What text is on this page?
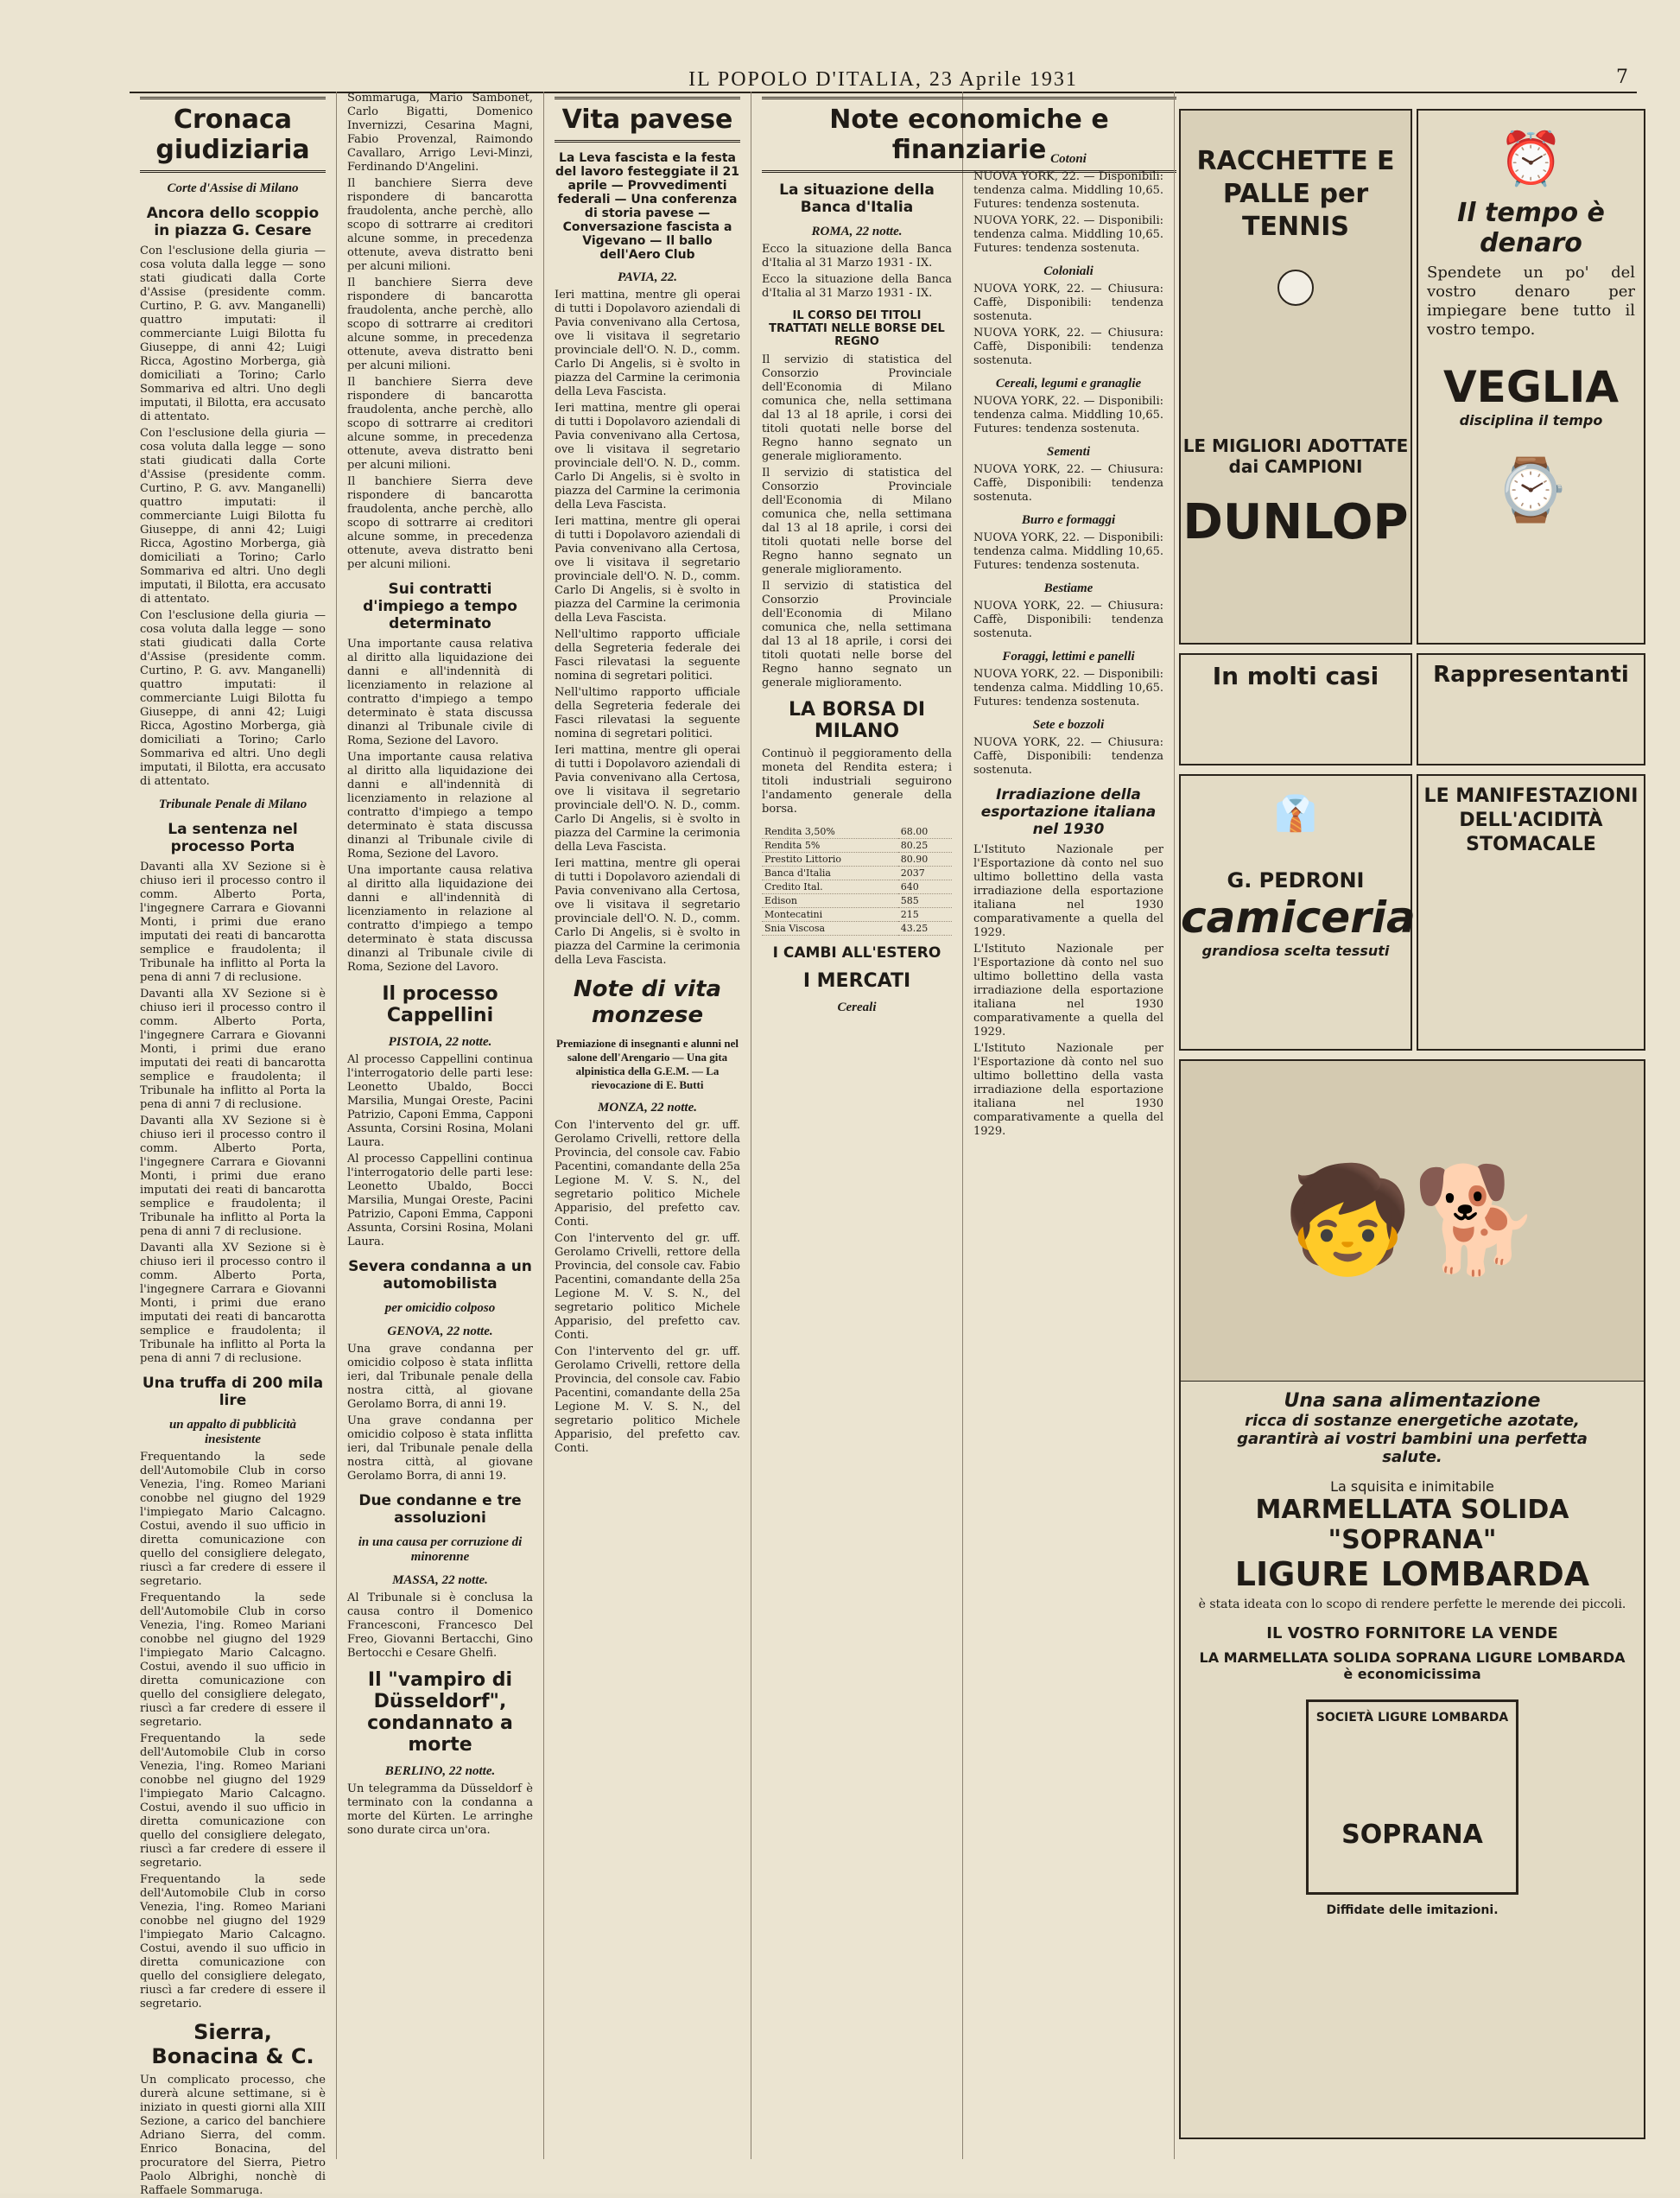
IL POPOLO D'ITALIA, 23 Aprile 1931	7
Cronaca giudiziaria
Corte d'Assise di Milano
Ancora dello scoppio in piazza G. Cesare

Con l'esclusione della giuria — cosa voluta dalla legge — sono stati giudicati dalla Corte d'Assise (presidente comm. Curtino, P. G. avv. Manganelli) quattro imputati: il commerciante Luigi Bilotta fu Giuseppe, di anni 42; Luigi Ricca, Agostino Morberga, già domiciliati a Torino; Carlo Sommariva ed altri. Uno degli imputati, il Bilotta, era accusato di attentato.

Con l'esclusione della giuria — cosa voluta dalla legge — sono stati giudicati dalla Corte d'Assise (presidente comm. Curtino, P. G. avv. Manganelli) quattro imputati: il commerciante Luigi Bilotta fu Giuseppe, di anni 42; Luigi Ricca, Agostino Morberga, già domiciliati a Torino; Carlo Sommariva ed altri. Uno degli imputati, il Bilotta, era accusato di attentato.

Con l'esclusione della giuria — cosa voluta dalla legge — sono stati giudicati dalla Corte d'Assise (presidente comm. Curtino, P. G. avv. Manganelli) quattro imputati: il commerciante Luigi Bilotta fu Giuseppe, di anni 42; Luigi Ricca, Agostino Morberga, già domiciliati a Torino; Carlo Sommariva ed altri. Uno degli imputati, il Bilotta, era accusato di attentato.

Tribunale Penale di Milano
La sentenza nel processo Porta

Davanti alla XV Sezione si è chiuso ieri il processo contro il comm. Alberto Porta, l'ingegnere Carrara e Giovanni Monti, i primi due erano imputati dei reati di bancarotta semplice e fraudolenta; il Tribunale ha inflitto al Porta la pena di anni 7 di reclusione.

Davanti alla XV Sezione si è chiuso ieri il processo contro il comm. Alberto Porta, l'ingegnere Carrara e Giovanni Monti, i primi due erano imputati dei reati di bancarotta semplice e fraudolenta; il Tribunale ha inflitto al Porta la pena di anni 7 di reclusione.

Davanti alla XV Sezione si è chiuso ieri il processo contro il comm. Alberto Porta, l'ingegnere Carrara e Giovanni Monti, i primi due erano imputati dei reati di bancarotta semplice e fraudolenta; il Tribunale ha inflitto al Porta la pena di anni 7 di reclusione.

Davanti alla XV Sezione si è chiuso ieri il processo contro il comm. Alberto Porta, l'ingegnere Carrara e Giovanni Monti, i primi due erano imputati dei reati di bancarotta semplice e fraudolenta; il Tribunale ha inflitto al Porta la pena di anni 7 di reclusione.

Una truffa di 200 mila lire
un appalto di pubblicità inesistente

Frequentando la sede dell'Automobile Club in corso Venezia, l'ing. Romeo Mariani conobbe nel giugno del 1929 l'impiegato Mario Calcagno. Costui, avendo il suo ufficio in diretta comunicazione con quello del consigliere delegato, riuscì a far credere di essere il segretario.

Frequentando la sede dell'Automobile Club in corso Venezia, l'ing. Romeo Mariani conobbe nel giugno del 1929 l'impiegato Mario Calcagno. Costui, avendo il suo ufficio in diretta comunicazione con quello del consigliere delegato, riuscì a far credere di essere il segretario.

Frequentando la sede dell'Automobile Club in corso Venezia, l'ing. Romeo Mariani conobbe nel giugno del 1929 l'impiegato Mario Calcagno. Costui, avendo il suo ufficio in diretta comunicazione con quello del consigliere delegato, riuscì a far credere di essere il segretario.

Frequentando la sede dell'Automobile Club in corso Venezia, l'ing. Romeo Mariani conobbe nel giugno del 1929 l'impiegato Mario Calcagno. Costui, avendo il suo ufficio in diretta comunicazione con quello del consigliere delegato, riuscì a far credere di essere il segretario.

Sierra, Bonacina & C.

Un complicato processo, che durerà alcune settimane, si è iniziato in questi giorni alla XIII Sezione, a carico del banchiere Adriano Sierra, del comm. Enrico Bonacina, del procuratore del Sierra, Pietro Paolo Albrighi, nonchè di Raffaele Sommaruga.

Sommaruga, Mario Sambonet, Carlo Bigatti, Domenico Invernizzi, Cesarina Magni, Fabio Provenzal, Raimondo Cavallaro, Arrigo Levi-Minzi, Ferdinando D'Angelini.

Il banchiere Sierra deve rispondere di bancarotta fraudolenta, anche perchè, allo scopo di sottrarre ai creditori alcune somme, in precedenza ottenute, aveva distratto beni per alcuni milioni.

Il banchiere Sierra deve rispondere di bancarotta fraudolenta, anche perchè, allo scopo di sottrarre ai creditori alcune somme, in precedenza ottenute, aveva distratto beni per alcuni milioni.

Il banchiere Sierra deve rispondere di bancarotta fraudolenta, anche perchè, allo scopo di sottrarre ai creditori alcune somme, in precedenza ottenute, aveva distratto beni per alcuni milioni.

Il banchiere Sierra deve rispondere di bancarotta fraudolenta, anche perchè, allo scopo di sottrarre ai creditori alcune somme, in precedenza ottenute, aveva distratto beni per alcuni milioni.

Sui contratti d'impiego a tempo determinato

Una importante causa relativa al diritto alla liquidazione dei danni e all'indennità di licenziamento in relazione al contratto d'impiego a tempo determinato è stata discussa dinanzi al Tribunale civile di Roma, Sezione del Lavoro.

Una importante causa relativa al diritto alla liquidazione dei danni e all'indennità di licenziamento in relazione al contratto d'impiego a tempo determinato è stata discussa dinanzi al Tribunale civile di Roma, Sezione del Lavoro.

Una importante causa relativa al diritto alla liquidazione dei danni e all'indennità di licenziamento in relazione al contratto d'impiego a tempo determinato è stata discussa dinanzi al Tribunale civile di Roma, Sezione del Lavoro.

Il processo Cappellini
PISTOIA, 22 notte.

Al processo Cappellini continua l'interrogatorio delle parti lese: Leonetto Ubaldo, Bocci Marsilia, Mungai Oreste, Pacini Patrizio, Caponi Emma, Capponi Assunta, Corsini Rosina, Molani Laura.

Al processo Cappellini continua l'interrogatorio delle parti lese: Leonetto Ubaldo, Bocci Marsilia, Mungai Oreste, Pacini Patrizio, Caponi Emma, Capponi Assunta, Corsini Rosina, Molani Laura.

Severa condanna a un automobilista
per omicidio colposo
GENOVA, 22 notte.

Una grave condanna per omicidio colposo è stata inflitta ieri, dal Tribunale penale della nostra città, al giovane Gerolamo Borra, di anni 19.

Una grave condanna per omicidio colposo è stata inflitta ieri, dal Tribunale penale della nostra città, al giovane Gerolamo Borra, di anni 19.

Due condanne e tre assoluzioni
in una causa per corruzione di minorenne
MASSA, 22 notte.

Al Tribunale si è conclusa la causa contro il Domenico Francesconi, Francesco Del Freo, Giovanni Bertacchi, Gino Bertocchi e Cesare Ghelfi.

Il "vampiro di Düsseldorf", condannato a morte
BERLINO, 22 notte.

Un telegramma da Düsseldorf è terminato con la condanna a morte del Kürten. Le arringhe sono durate circa un'ora.

Vita pavese
La Leva fascista e la festa del lavoro festeggiate il 21 aprile — Provvedimenti federali — Una conferenza di storia pavese — Conversazione fascista a Vigevano — Il ballo dell'Aero Club
PAVIA, 22.

Ieri mattina, mentre gli operai di tutti i Dopolavoro aziendali di Pavia convenivano alla Certosa, ove li visitava il segretario provinciale dell'O. N. D., comm. Carlo Di Angelis, si è svolto in piazza del Carmine la cerimonia della Leva Fascista.

Ieri mattina, mentre gli operai di tutti i Dopolavoro aziendali di Pavia convenivano alla Certosa, ove li visitava il segretario provinciale dell'O. N. D., comm. Carlo Di Angelis, si è svolto in piazza del Carmine la cerimonia della Leva Fascista.

Ieri mattina, mentre gli operai di tutti i Dopolavoro aziendali di Pavia convenivano alla Certosa, ove li visitava il segretario provinciale dell'O. N. D., comm. Carlo Di Angelis, si è svolto in piazza del Carmine la cerimonia della Leva Fascista.

Nell'ultimo rapporto ufficiale della Segreteria federale dei Fasci rilevatasi la seguente nomina di segretari politici.

Nell'ultimo rapporto ufficiale della Segreteria federale dei Fasci rilevatasi la seguente nomina di segretari politici.

Ieri mattina, mentre gli operai di tutti i Dopolavoro aziendali di Pavia convenivano alla Certosa, ove li visitava il segretario provinciale dell'O. N. D., comm. Carlo Di Angelis, si è svolto in piazza del Carmine la cerimonia della Leva Fascista.

Ieri mattina, mentre gli operai di tutti i Dopolavoro aziendali di Pavia convenivano alla Certosa, ove li visitava il segretario provinciale dell'O. N. D., comm. Carlo Di Angelis, si è svolto in piazza del Carmine la cerimonia della Leva Fascista.

Note di vita monzese
Premiazione di insegnanti e alunni nel salone dell'Arengario — Una gita alpinistica della G.E.M. — La rievocazione di E. Butti
MONZA, 22 notte.

Con l'intervento del gr. uff. Gerolamo Crivelli, rettore della Provincia, del console cav. Fabio Pacentini, comandante della 25a Legione M. V. S. N., del segretario politico Michele Apparisio, del prefetto cav. Conti.

Con l'intervento del gr. uff. Gerolamo Crivelli, rettore della Provincia, del console cav. Fabio Pacentini, comandante della 25a Legione M. V. S. N., del segretario politico Michele Apparisio, del prefetto cav. Conti.

Con l'intervento del gr. uff. Gerolamo Crivelli, rettore della Provincia, del console cav. Fabio Pacentini, comandante della 25a Legione M. V. S. N., del segretario politico Michele Apparisio, del prefetto cav. Conti.

Note economiche e finanziarie
La situazione della Banca d'Italia
ROMA, 22 notte.

Ecco la situazione della Banca d'Italia al 31 Marzo 1931 - IX.

Ecco la situazione della Banca d'Italia al 31 Marzo 1931 - IX.

IL CORSO DEI TITOLI TRATTATI NELLE BORSE DEL REGNO

Il servizio di statistica del Consorzio Provinciale dell'Economia di Milano comunica che, nella settimana dal 13 al 18 aprile, i corsi dei titoli quotati nelle borse del Regno hanno segnato un generale miglioramento.

Il servizio di statistica del Consorzio Provinciale dell'Economia di Milano comunica che, nella settimana dal 13 al 18 aprile, i corsi dei titoli quotati nelle borse del Regno hanno segnato un generale miglioramento.

Il servizio di statistica del Consorzio Provinciale dell'Economia di Milano comunica che, nella settimana dal 13 al 18 aprile, i corsi dei titoli quotati nelle borse del Regno hanno segnato un generale miglioramento.

LA BORSA DI MILANO

Continuò il peggioramento della moneta del Rendita estera; i titoli industriali seguirono l'andamento generale della borsa.

Rendita 3,50%	68.00
Rendita 5%	80.25
Prestito Littorio	80.90
Banca d'Italia	2037
Credito Ital.	640
Edison	585
Montecatini	215
Snia Viscosa	43.25
I CAMBI ALL'ESTERO
I MERCATI
Cereali

Cotoni

NUOVA YORK, 22. — Disponibili: tendenza calma. Middling 10,65. Futures: tendenza sostenuta.

NUOVA YORK, 22. — Disponibili: tendenza calma. Middling 10,65. Futures: tendenza sostenuta.

Coloniali

NUOVA YORK, 22. — Chiusura: Caffè, Disponibili: tendenza sostenuta.

NUOVA YORK, 22. — Chiusura: Caffè, Disponibili: tendenza sostenuta.

Cereali, legumi e granaglie

NUOVA YORK, 22. — Disponibili: tendenza calma. Middling 10,65. Futures: tendenza sostenuta.

Sementi

NUOVA YORK, 22. — Chiusura: Caffè, Disponibili: tendenza sostenuta.

Burro e formaggi

NUOVA YORK, 22. — Disponibili: tendenza calma. Middling 10,65. Futures: tendenza sostenuta.

Bestiame

NUOVA YORK, 22. — Chiusura: Caffè, Disponibili: tendenza sostenuta.

Foraggi, lettimi e panelli

NUOVA YORK, 22. — Disponibili: tendenza calma. Middling 10,65. Futures: tendenza sostenuta.

Sete e bozzoli

NUOVA YORK, 22. — Chiusura: Caffè, Disponibili: tendenza sostenuta.

Irradiazione della esportazione italiana nel 1930

L'Istituto Nazionale per l'Esportazione dà conto nel suo ultimo bollettino della vasta irradiazione della esportazione italiana nel 1930 comparativamente a quella del 1929.

L'Istituto Nazionale per l'Esportazione dà conto nel suo ultimo bollettino della vasta irradiazione della esportazione italiana nel 1930 comparativamente a quella del 1929.

L'Istituto Nazionale per l'Esportazione dà conto nel suo ultimo bollettino della vasta irradiazione della esportazione italiana nel 1930 comparativamente a quella del 1929.

RACCHETTE E PALLE per TENNIS
LE MIGLIORI ADOTTATE dai CAMPIONI
DUNLOP
⏰
Il tempo è denaro
Spendete un po' del vostro denaro per impiegare bene tutto il vostro tempo.
VEGLIA
disciplina il tempo
⌚
In molti casi	Rappresentanti
👔
G. PEDRONI
camiceria
grandiosa scelta tessuti
LE MANIFESTAZIONI DELL'ACIDITÀ STOMACALE
🧒🐕
Una sana alimentazione
ricca di sostanze energetiche azotate, garantirà ai vostri bambini una perfetta salute.
La squisita e inimitabile
MARMELLATA SOLIDA "SOPRANA"
LIGURE LOMBARDA
è stata ideata con lo scopo di rendere perfette le merende dei piccoli.
IL VOSTRO FORNITORE LA VENDE
LA MARMELLATA SOLIDA SOPRANA LIGURE LOMBARDA è economicissima
SOCIETÀ LIGURE LOMBARDA
SOPRANA
Diffidate delle imitazioni.
